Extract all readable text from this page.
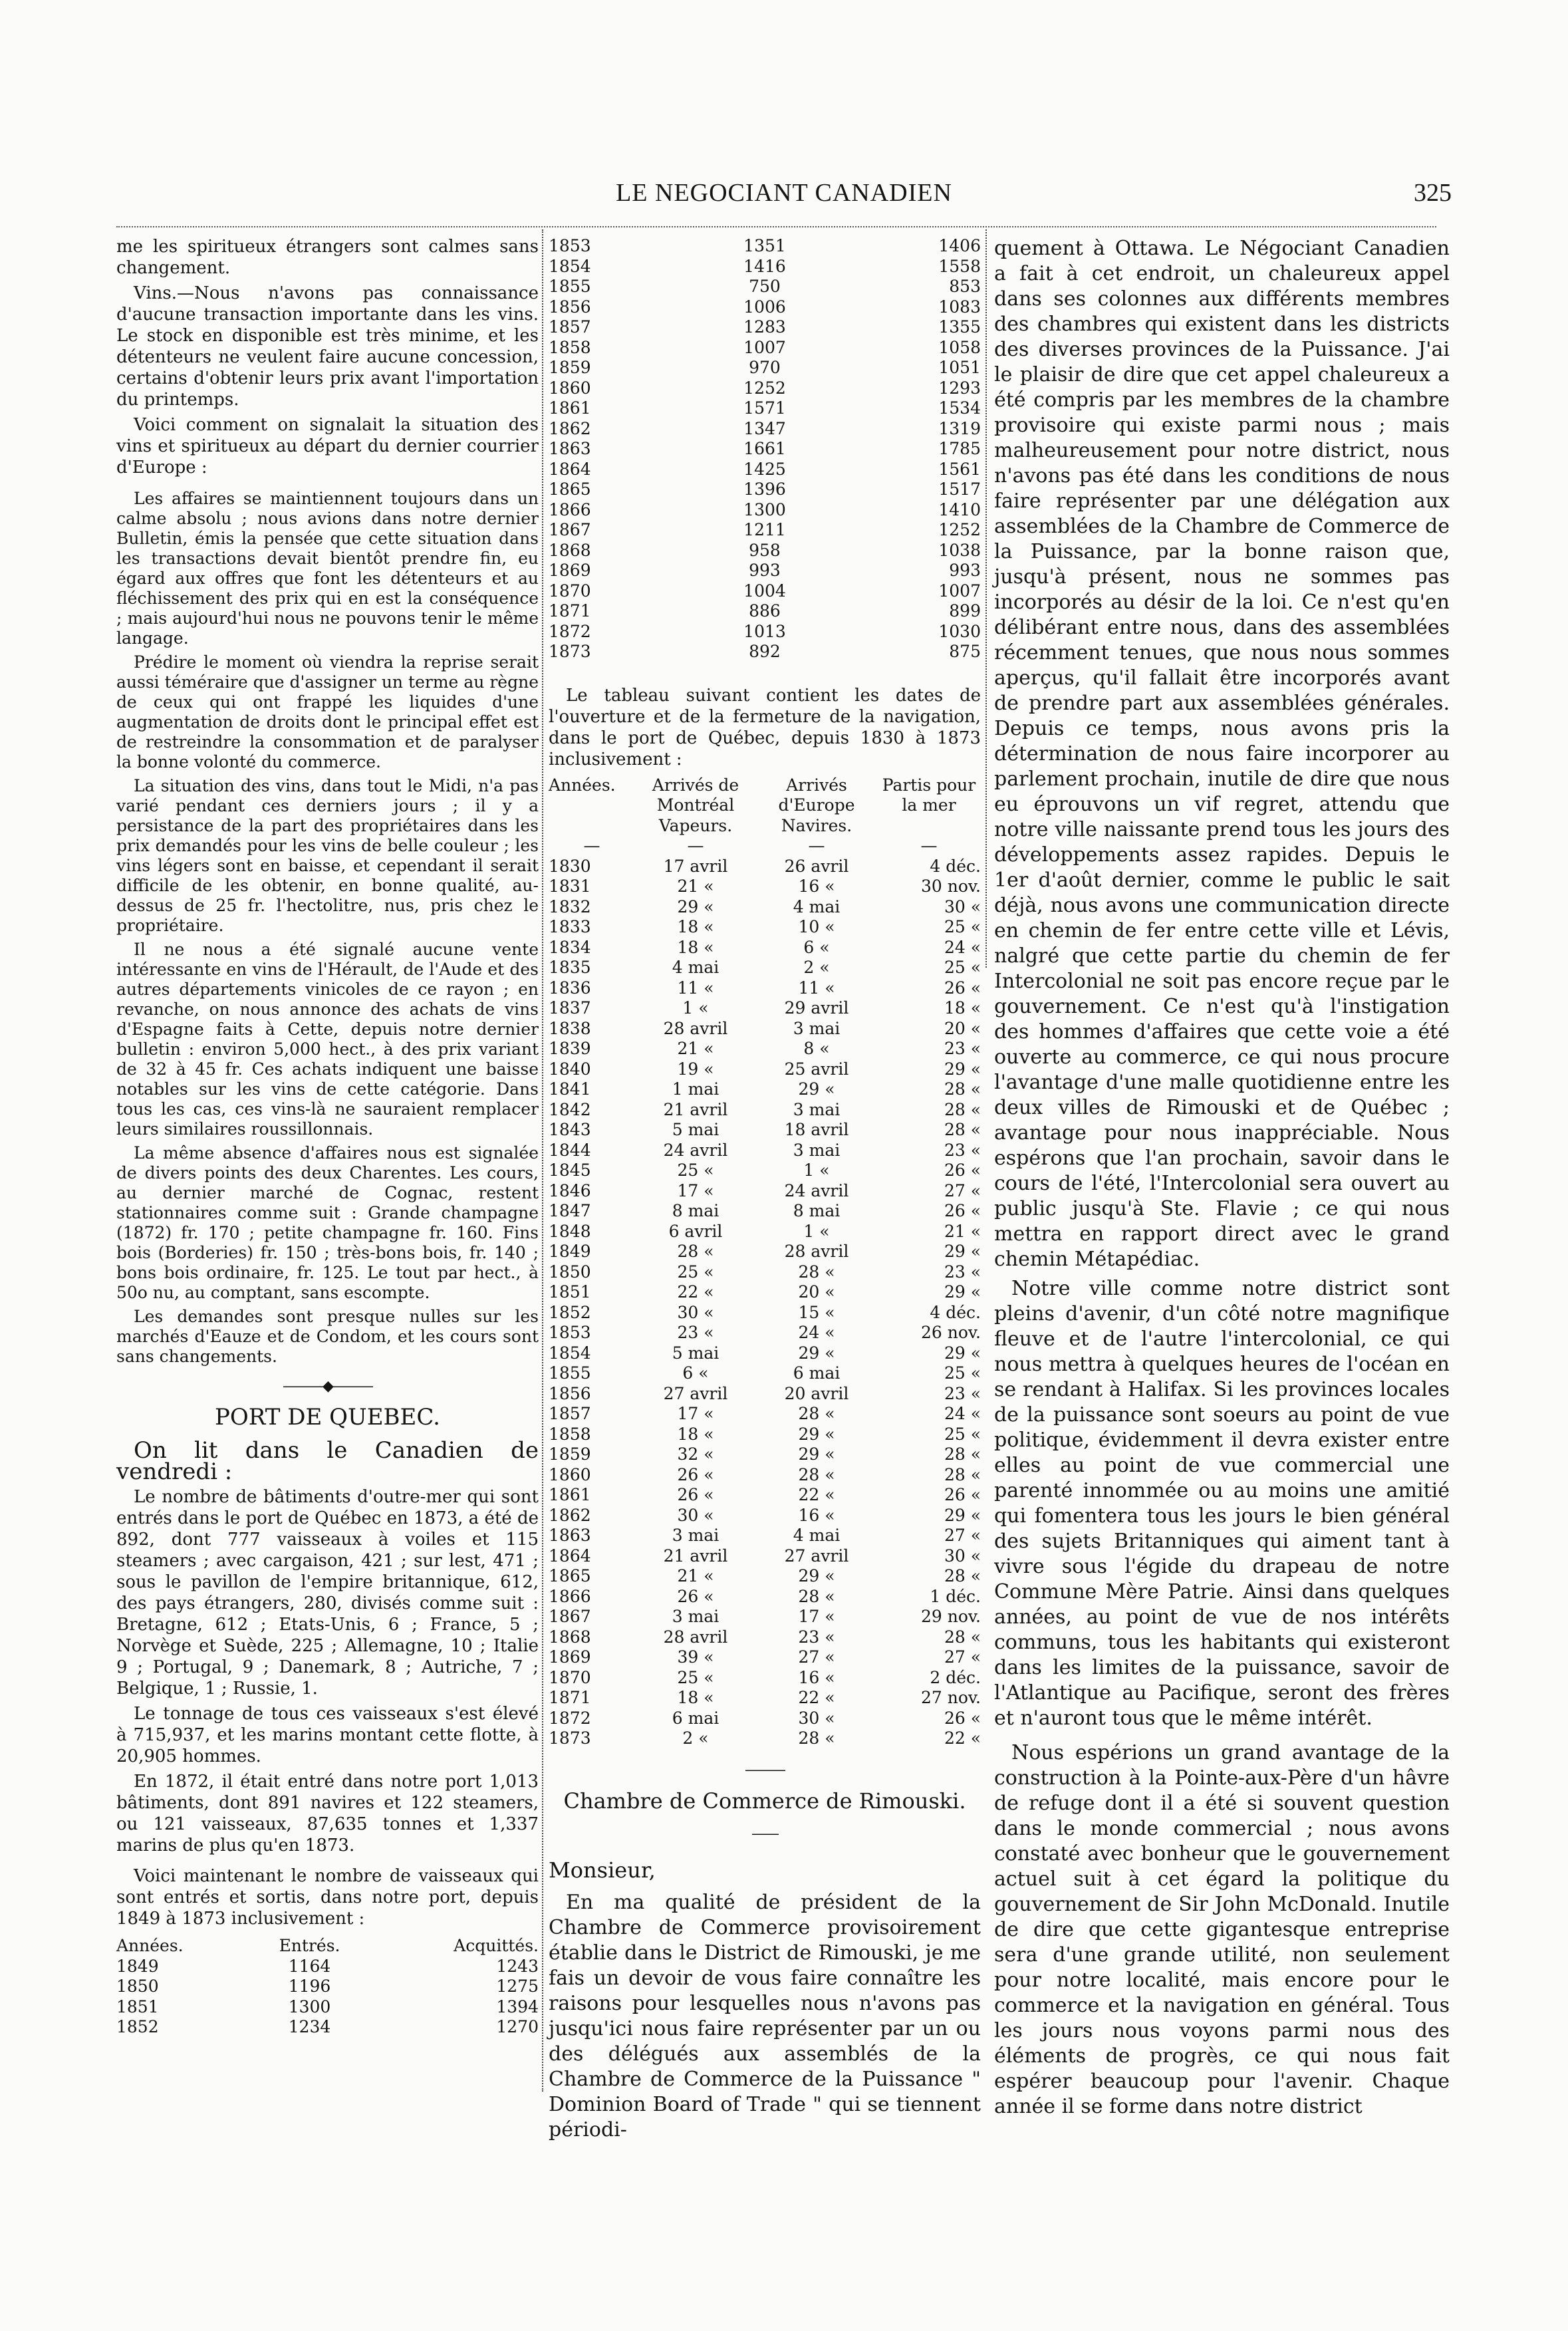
LE NEGOCIANT CANADIEN	325

me les spiritueux étrangers sont calmes sans changement.

Vins.—Nous n'avons pas connaissance d'aucune transaction importante dans les vins. Le stock en disponible est très minime, et les détenteurs ne veulent faire aucune concession, certains d'obtenir leurs prix avant l'importation du printemps.

Voici comment on signalait la situation des vins et spiritueux au départ du dernier courrier d'Europe :

Les affaires se maintiennent toujours dans un calme absolu ; nous avions dans notre dernier Bulletin, émis la pensée que cette situation dans les transactions devait bientôt prendre fin, eu égard aux offres que font les détenteurs et au fléchissement des prix qui en est la conséquence ; mais aujourd'hui nous ne pouvons tenir le même langage.

Prédire le moment où viendra la reprise serait aussi téméraire que d'assigner un terme au règne de ceux qui ont frappé les liquides d'une augmentation de droits dont le principal effet est de restreindre la consommation et de paralyser la bonne volonté du commerce.

La situation des vins, dans tout le Midi, n'a pas varié pendant ces derniers jours ; il y a persistance de la part des propriétaires dans les prix demandés pour les vins de belle couleur ; les vins légers sont en baisse, et cependant il serait difficile de les obtenir, en bonne qualité, au-dessus de 25 fr. l'hectolitre, nus, pris chez le propriétaire.

Il ne nous a été signalé aucune vente intéressante en vins de l'Hérault, de l'Aude et des autres départements vinicoles de ce rayon ; en revanche, on nous annonce des achats de vins d'Espagne faits à Cette, depuis notre dernier bulletin : environ 5,000 hect., à des prix variant de 32 à 45 fr. Ces achats indiquent une baisse notables sur les vins de cette catégorie. Dans tous les cas, ces vins-là ne sauraient remplacer leurs similaires roussillonnais.

La même absence d'affaires nous est signalée de divers points des deux Charentes. Les cours, au dernier marché de Cognac, restent stationnaires comme suit : Grande champagne (1872) fr. 170 ; petite champagne fr. 160. Fins bois (Borderies) fr. 150 ; très-bons bois, fr. 140 ; bons bois ordinaire, fr. 125. Le tout par hect., à 50o nu, au comptant, sans escompte.

Les demandes sont presque nulles sur les marchés d'Eauze et de Condom, et les cours sont sans changements.

———◆———
PORT DE QUEBEC.

On lit dans le Canadien de vendredi :

Le nombre de bâtiments d'outre-mer qui sont entrés dans le port de Québec en 1873, a été de 892, dont 777 vaisseaux à voiles et 115 steamers ; avec cargaison, 421 ; sur lest, 471 ; sous le pavillon de l'empire britannique, 612, des pays étrangers, 280, divisés comme suit : Bretagne, 612 ; Etats-Unis, 6 ; France, 5 ; Norvège et Suède, 225 ; Allemagne, 10 ; Italie 9 ; Portugal, 9 ; Danemark, 8 ; Autriche, 7 ; Belgique, 1 ; Russie, 1.

Le tonnage de tous ces vaisseaux s'est élevé à 715,937, et les marins montant cette flotte, à 20,905 hommes.

En 1872, il était entré dans notre port 1,013 bâtiments, dont 891 navires et 122 steamers, ou 121 vaisseaux, 87,635 tonnes et 1,337 marins de plus qu'en 1873.

Voici maintenant le nombre de vaisseaux qui sont entrés et sortis, dans notre port, depuis 1849 à 1873 inclusivement :

Années.	Entrés.	Acquittés.
1849	1164	1243
1850	1196	1275
1851	1300	1394
1852	1234	1270
1853	1351	1406
1854	1416	1558
1855	750	853
1856	1006	1083
1857	1283	1355
1858	1007	1058
1859	970	1051
1860	1252	1293
1861	1571	1534
1862	1347	1319
1863	1661	1785
1864	1425	1561
1865	1396	1517
1866	1300	1410
1867	1211	1252
1868	958	1038
1869	993	993
1870	1004	1007
1871	886	899
1872	1013	1030
1873	892	875

Le tableau suivant contient les dates de l'ouverture et de la fermeture de la navigation, dans le port de Québec, depuis 1830 à 1873 inclusivement :

Années.	Arrivés de Montréal Vapeurs.	Arrivés d'Europe Navires.	Partis pour la mer
—	—	—	—
1830	17 avril	26 avril	4 déc.
1831	21 «	16 «	30 nov.
1832	29 «	4 mai	30 «
1833	18 «	10 «	25 «
1834	18 «	6 «	24 «
1835	4 mai	2 «	25 «
1836	11 «	11 «	26 «
1837	1 «	29 avril	18 «
1838	28 avril	3 mai	20 «
1839	21 «	8 «	23 «
1840	19 «	25 avril	29 «
1841	1 mai	29 «	28 «
1842	21 avril	3 mai	28 «
1843	5 mai	18 avril	28 «
1844	24 avril	3 mai	23 «
1845	25 «	1 «	26 «
1846	17 «	24 avril	27 «
1847	8 mai	8 mai	26 «
1848	6 avril	1 «	21 «
1849	28 «	28 avril	29 «
1850	25 «	28 «	23 «
1851	22 «	20 «	29 «
1852	30 «	15 «	4 déc.
1853	23 «	24 «	26 nov.
1854	5 mai	29 «	29 «
1855	6 «	6 mai	25 «
1856	27 avril	20 avril	23 «
1857	17 «	28 «	24 «
1858	18 «	29 «	25 «
1859	32 «	29 «	28 «
1860	26 «	28 «	28 «
1861	26 «	22 «	26 «
1862	30 «	16 «	29 «
1863	3 mai	4 mai	27 «
1864	21 avril	27 avril	30 «
1865	21 «	29 «	28 «
1866	26 «	28 «	1 déc.
1867	3 mai	17 «	29 nov.
1868	28 avril	23 «	28 «
1869	39 «	27 «	27 «
1870	25 «	16 «	2 déc.
1871	18 «	22 «	27 nov.
1872	6 mai	30 «	26 «
1873	2 «	28 «	22 «
———
Chambre de Commerce de Rimouski.
——

Monsieur,

En ma qualité de président de la Chambre de Commerce provisoirement établie dans le District de Rimouski, je me fais un devoir de vous faire connaître les raisons pour lesquelles nous n'avons pas jusqu'ici nous faire représenter par un ou des délégués aux assemblés de la Chambre de Commerce de la Puissance " Dominion Board of Trade " qui se tiennent périodi-

quement à Ottawa. Le Négociant Canadien a fait à cet endroit, un chaleureux appel dans ses colonnes aux différents membres des chambres qui existent dans les districts des diverses provinces de la Puissance. J'ai le plaisir de dire que cet appel chaleureux a été compris par les membres de la chambre provisoire qui existe parmi nous ; mais malheureusement pour notre district, nous n'avons pas été dans les conditions de nous faire représenter par une délégation aux assemblées de la Chambre de Commerce de la Puissance, par la bonne raison que, jusqu'à présent, nous ne sommes pas incorporés au désir de la loi. Ce n'est qu'en délibérant entre nous, dans des assemblées récemment tenues, que nous nous sommes aperçus, qu'il fallait être incorporés avant de prendre part aux assemblées générales. Depuis ce temps, nous avons pris la détermination de nous faire incorporer au parlement prochain, inutile de dire que nous eu éprouvons un vif regret, attendu que notre ville naissante prend tous les jours des développements assez rapides. Depuis le 1er d'août dernier, comme le public le sait déjà, nous avons une communication directe en chemin de fer entre cette ville et Lévis, nalgré que cette partie du chemin de fer Intercolonial ne soit pas encore reçue par le gouvernement. Ce n'est qu'à l'instigation des hommes d'affaires que cette voie a été ouverte au commerce, ce qui nous procure l'avantage d'une malle quotidienne entre les deux villes de Rimouski et de Québec ; avantage pour nous inappréciable. Nous espérons que l'an prochain, savoir dans le cours de l'été, l'Intercolonial sera ouvert au public jusqu'à Ste. Flavie ; ce qui nous mettra en rapport direct avec le grand chemin Métapédiac.

Notre ville comme notre district sont pleins d'avenir, d'un côté notre magnifique fleuve et de l'autre l'intercolonial, ce qui nous mettra à quelques heures de l'océan en se rendant à Halifax. Si les provinces locales de la puissance sont soeurs au point de vue politique, évidemment il devra exister entre elles au point de vue commercial une parenté innommée ou au moins une amitié qui fomentera tous les jours le bien général des sujets Britanniques qui aiment tant à vivre sous l'égide du drapeau de notre Commune Mère Patrie. Ainsi dans quelques années, au point de vue de nos intérêts communs, tous les habitants qui existeront dans les limites de la puissance, savoir de l'Atlantique au Pacifique, seront des frères et n'auront tous que le même intérêt.

Nous espérions un grand avantage de la construction à la Pointe-aux-Père d'un hâvre de refuge dont il a été si souvent question dans le monde commercial ; nous avons constaté avec bonheur que le gouvernement actuel suit à cet égard la politique du gouvernement de Sir John McDonald. Inutile de dire que cette gigantesque entreprise sera d'une grande utilité, non seulement pour notre localité, mais encore pour le commerce et la navigation en général. Tous les jours nous voyons parmi nous des éléments de progrès, ce qui nous fait espérer beaucoup pour l'avenir. Chaque année il se forme dans notre district
